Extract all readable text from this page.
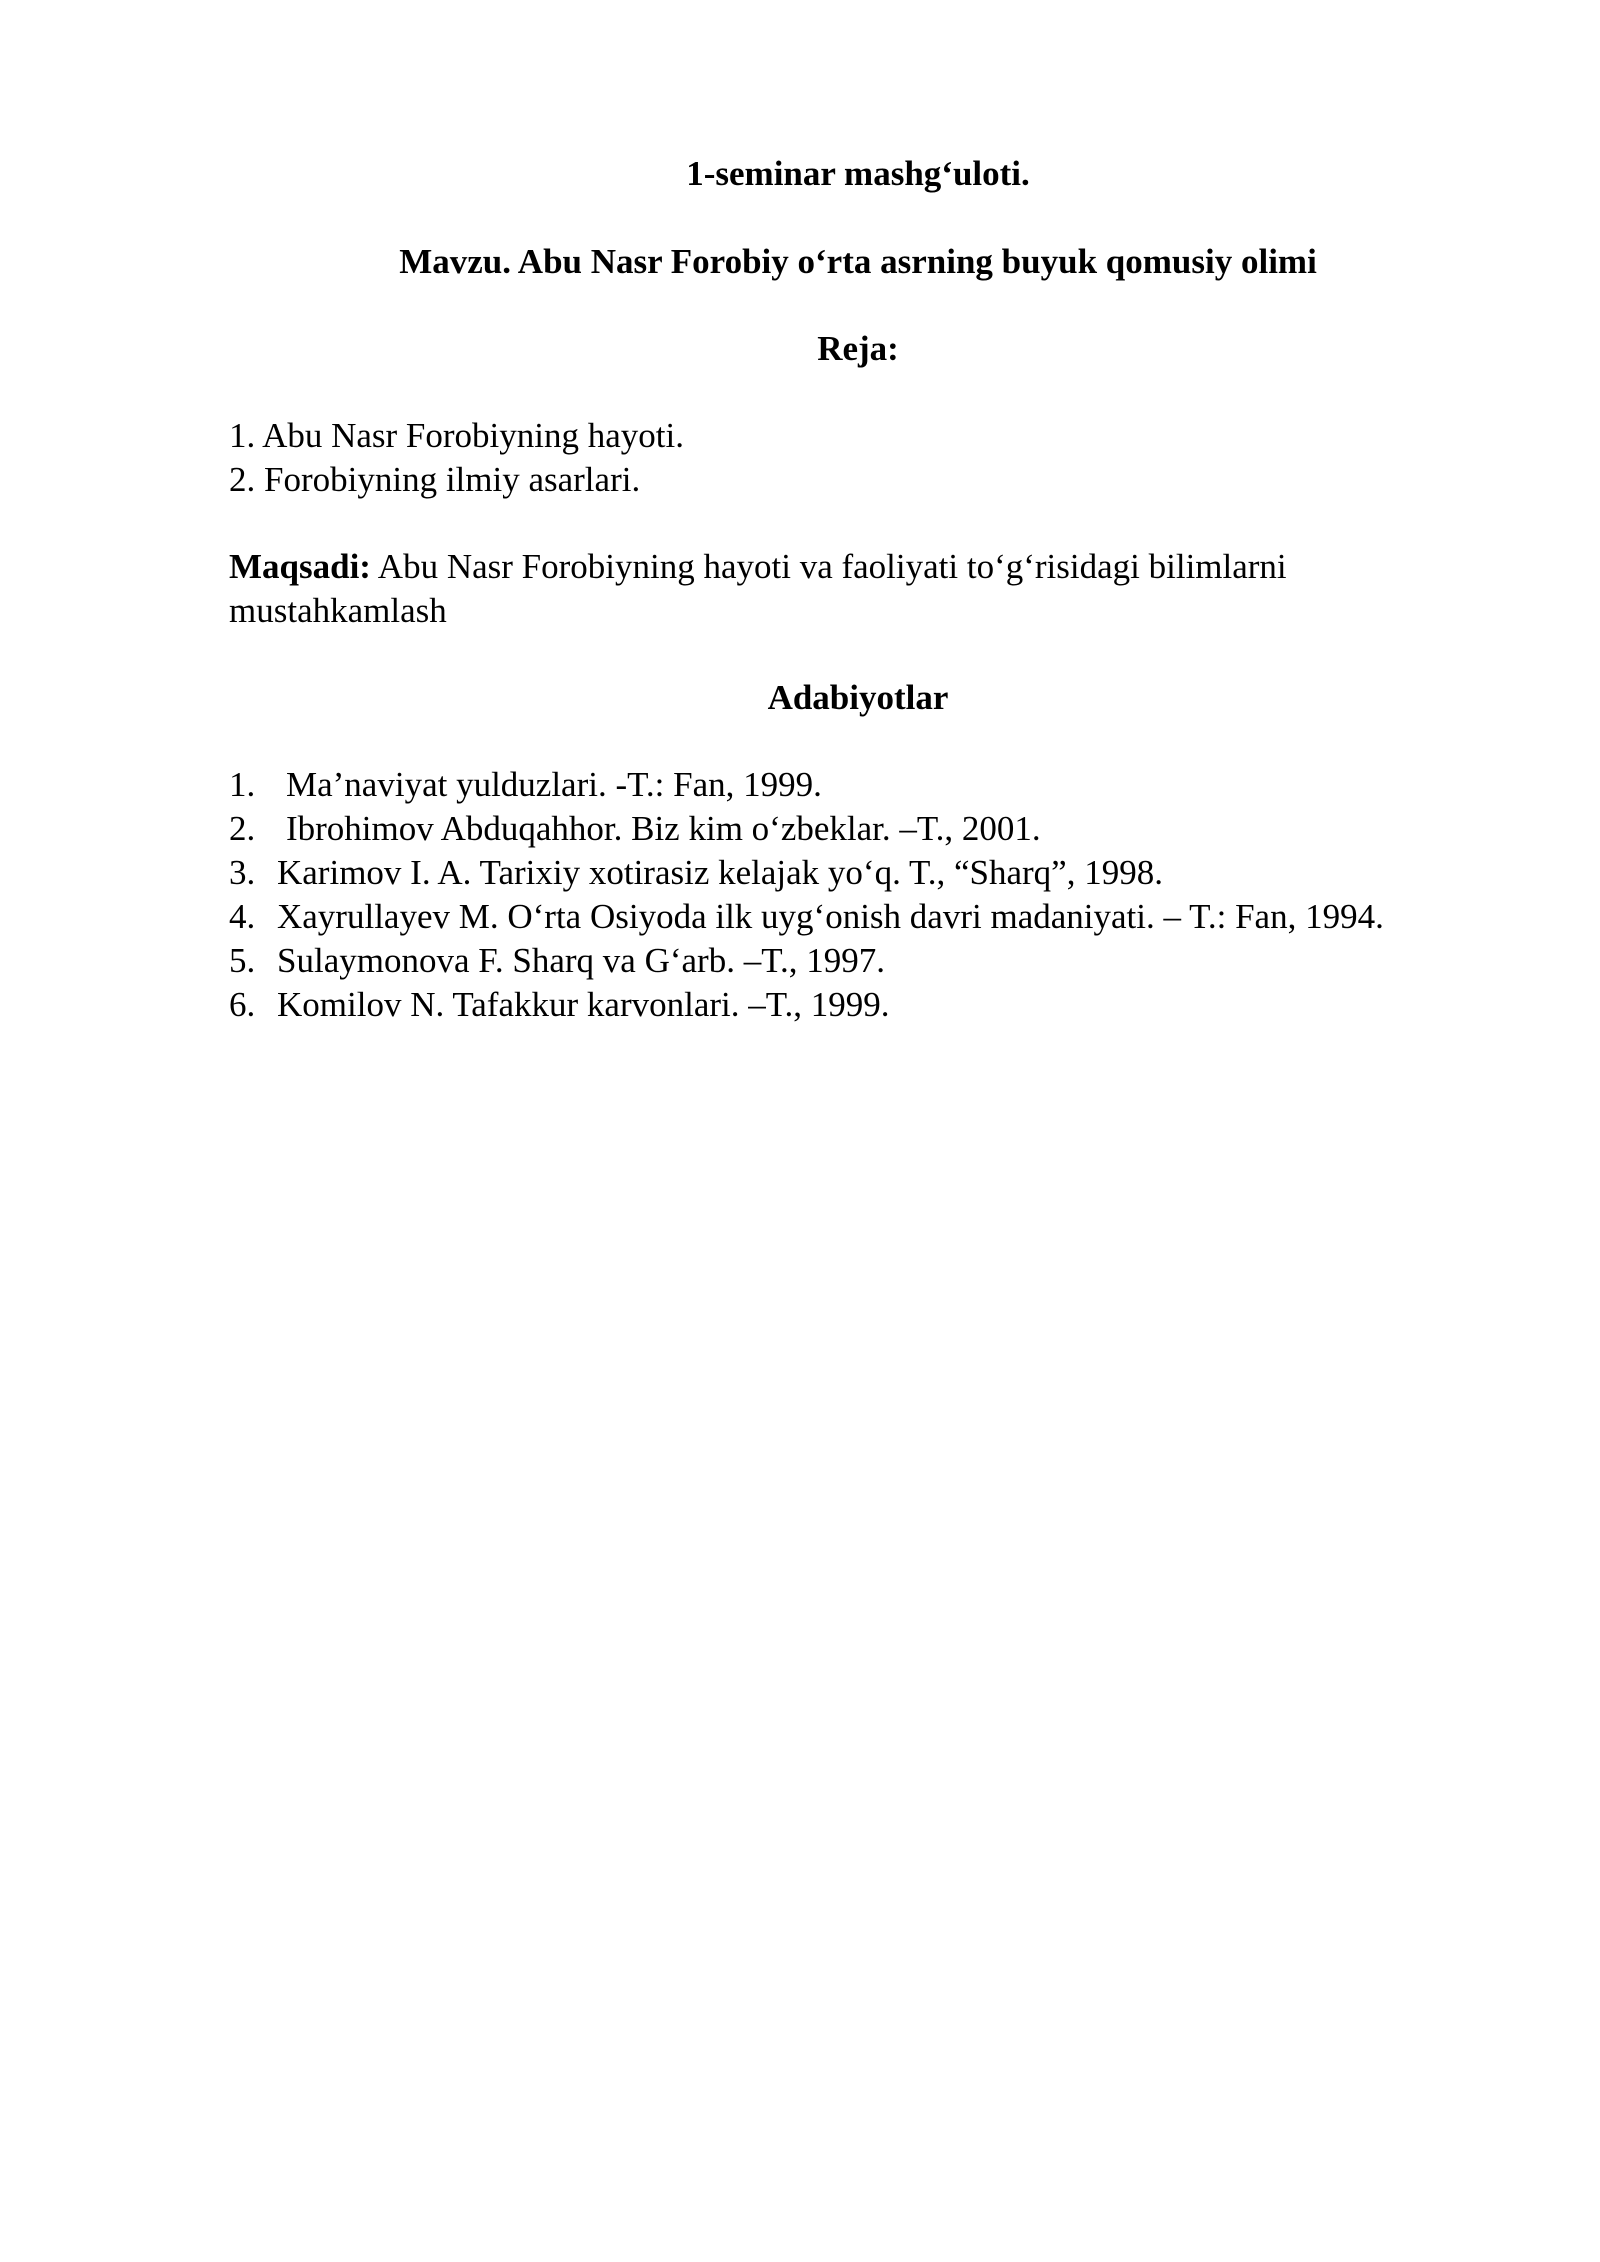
1-seminar mashg‘uloti.
Mavzu. Abu Nasr Forobiy o‘rta asrning buyuk qomusiy olimi
Reja:
1. Abu Nasr Forobiyning hayoti.
2. Forobiyning ilmiy asarlari.
Maqsadi: Abu Nasr Forobiyning hayoti va faoliyati to‘g‘risidagi bilimlarni
mustahkamlash
Adabiyotlar
1. Ma’naviyat yulduzlari. -T.: Fan, 1999.
2. Ibrohimov Abduqahhor. Biz kim o‘zbeklar. –T., 2001.
3. Karimov I. A. Tarixiy xotirasiz kelajak yo‘q. T., “Sharq”, 1998.
4. Xayrullayev M. O‘rta Osiyoda ilk uyg‘onish davri madaniyati. – T.: Fan, 1994.
5. Sulaymonova F. Sharq va G‘arb. –T., 1997.
6. Komilov N. Tafakkur karvonlari. –T., 1999.
